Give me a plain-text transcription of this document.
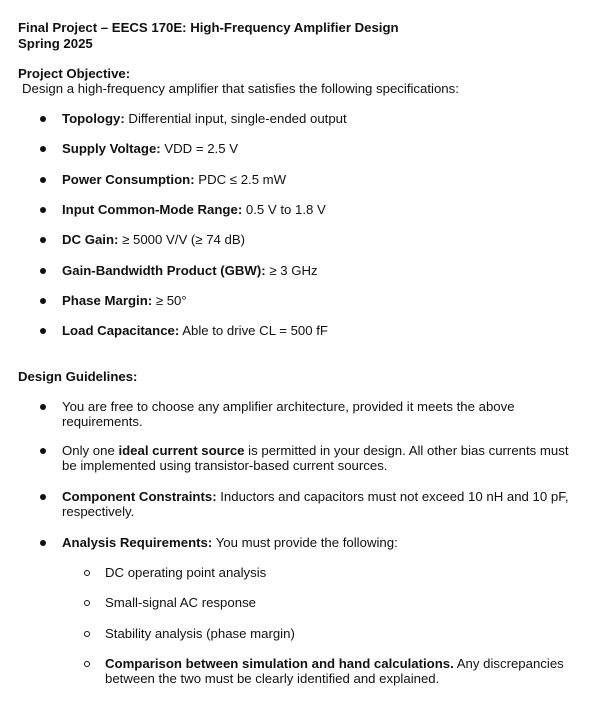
Final Project – EECS 170E: High-Frequency Amplifier Design
Spring 2025
Project Objective:
Design a high-frequency amplifier that satisfies the following specifications:
Topology: Differential input, single-ended output
Supply Voltage: VDD = 2.5 V
Power Consumption: PDC ≤ 2.5 mW
Input Common-Mode Range: 0.5 V to 1.8 V
DC Gain: ≥ 5000 V/V (≥ 74 dB)
Gain-Bandwidth Product (GBW): ≥ 3 GHz
Phase Margin: ≥ 50°
Load Capacitance: Able to drive CL = 500 fF
Design Guidelines:
You are free to choose any amplifier architecture, provided it meets the above requirements.
Only one ideal current source is permitted in your design. All other bias currents must be implemented using transistor-based current sources.
Component Constraints: Inductors and capacitors must not exceed 10 nH and 10 pF, respectively.
Analysis Requirements: You must provide the following:
DC operating point analysis
Small-signal AC response
Stability analysis (phase margin)
Comparison between simulation and hand calculations. Any discrepancies between the two must be clearly identified and explained.
